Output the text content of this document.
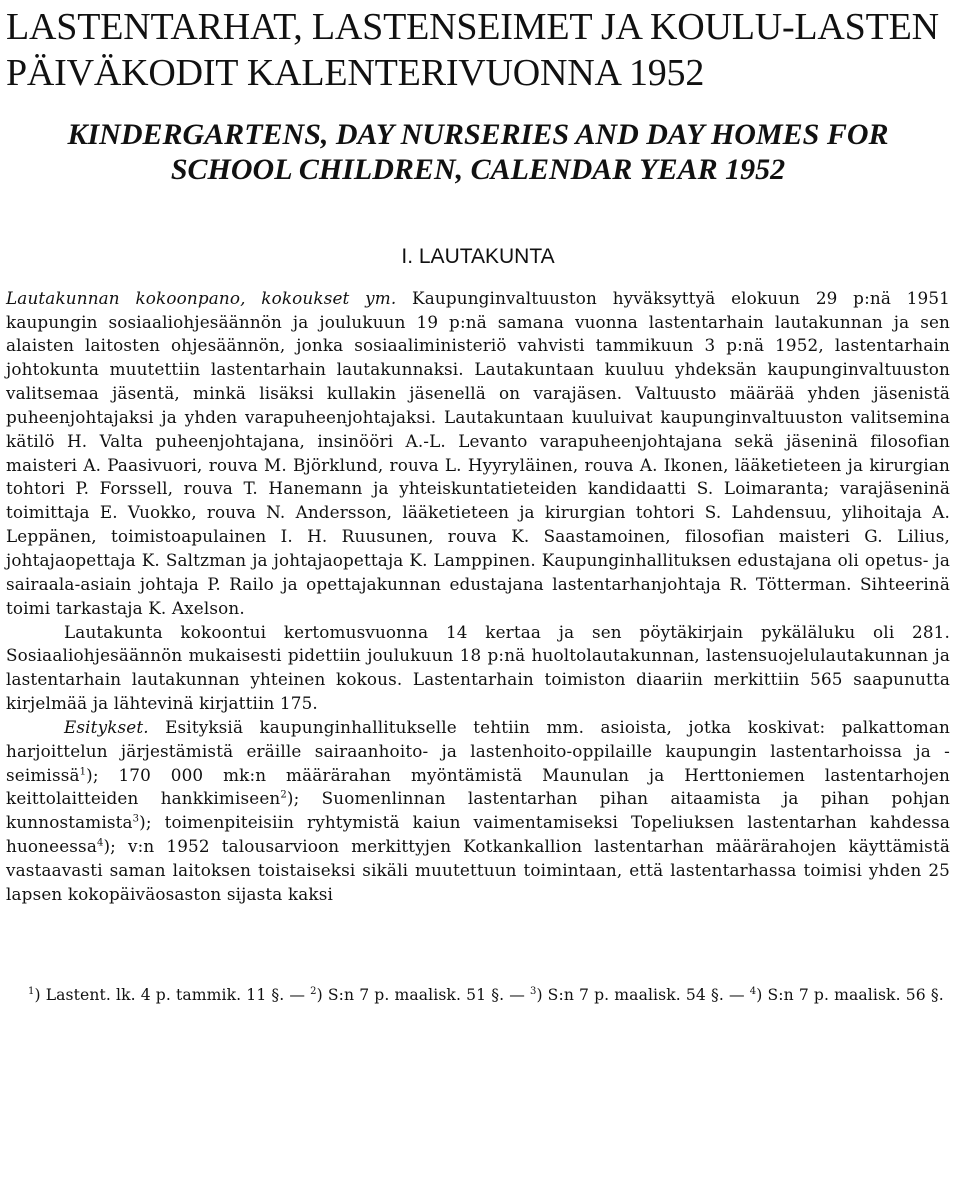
LASTENTARHAT, LASTENSEIMET JA KOULU-LASTEN PÄIVÄKODIT KALENTERIVUONNA 1952
KINDERGARTENS, DAY NURSERIES AND DAY HOMES FOR SCHOOL CHILDREN, CALENDAR YEAR 1952
I. LAUTAKUNTA

Lautakunnan kokoonpano, kokoukset ym. Kaupunginvaltuuston hyväksyttyä elokuun 29 p:nä 1951 kaupungin sosiaaliohjesäännön ja joulukuun 19 p:nä samana vuonna lastentarhain lautakunnan ja sen alaisten laitosten ohjesäännön, jonka sosiaaliministeriö vahvisti tammikuun 3 p:nä 1952, lastentarhain johtokunta muutettiin lastentarhain lautakunnaksi. Lautakuntaan kuuluu yhdeksän kaupunginvaltuuston valitsemaa jäsentä, minkä lisäksi kullakin jäsenellä on varajäsen. Valtuusto määrää yhden jäsenistä puheenjohtajaksi ja yhden varapuheenjohtajaksi. Lautakuntaan kuuluivat kaupunginvaltuuston valitsemina kätilö H. Valta puheenjohtajana, insinööri A.-L. Levanto varapuheenjohtajana sekä jäseninä filosofian maisteri A. Paasivuori, rouva M. Björklund, rouva L. Hyyryläinen, rouva A. Ikonen, lääketieteen ja kirurgian tohtori P. Forssell, rouva T. Hanemann ja yhteiskuntatieteiden kandidaatti S. Loimaranta; varajäseninä toimittaja E. Vuokko, rouva N. Andersson, lääketieteen ja kirurgian tohtori S. Lahdensuu, ylihoitaja A. Leppänen, toimistoapulainen I. H. Ruusunen, rouva K. Saastamoinen, filosofian maisteri G. Lilius, johtajaopettaja K. Saltzman ja johtajaopettaja K. Lamppinen. Kaupunginhallituksen edustajana oli opetus- ja sairaala-asiain johtaja P. Railo ja opettajakunnan edustajana lastentarhanjohtaja R. Tötterman. Sihteerinä toimi tarkastaja K. Axelson.

Lautakunta kokoontui kertomusvuonna 14 kertaa ja sen pöytäkirjain pykäläluku oli 281. Sosiaaliohjesäännön mukaisesti pidettiin joulukuun 18 p:nä huoltolautakunnan, lastensuojelulautakunnan ja lastentarhain lautakunnan yhteinen kokous. Lastentarhain toimiston diaariin merkittiin 565 saapunutta kirjelmää ja lähtevinä kirjattiin 175.

Esitykset. Esityksiä kaupunginhallitukselle tehtiin mm. asioista, jotka koskivat: palkattoman harjoittelun järjestämistä eräille sairaanhoito- ja lastenhoito-oppilaille kaupungin lastentarhoissa ja -seimissä$^1$); 170 000 mk:n määrärahan myöntämistä Maunulan ja Herttoniemen lastentarhojen keittolaitteiden hankkimiseen$^2$); Suomenlinnan lastentarhan pihan aitaamista ja pihan pohjan kunnostamista$^3$); toimenpiteisiin ryhtymistä kaiun vaimentamiseksi Topeliuksen lastentarhan kahdessa huoneessa$^4$); v:n 1952 talousarvioon merkittyjen Kotkankallion lastentarhan määrärahojen käyttämistä vastaavasti saman laitoksen toistaiseksi sikäli muutettuun toimintaan, että lastentarhassa toimisi yhden 25 lapsen kokopäiväosaston sijasta kaksi

$^1$) Lastent. lk. 4 p. tammik. 11 §. — $^2$) S:n 7 p. maalisk. 51 §. — $^3$) S:n 7 p. maalisk. 54 §. — $^4$) S:n 7 p. maalisk. 56 §.
